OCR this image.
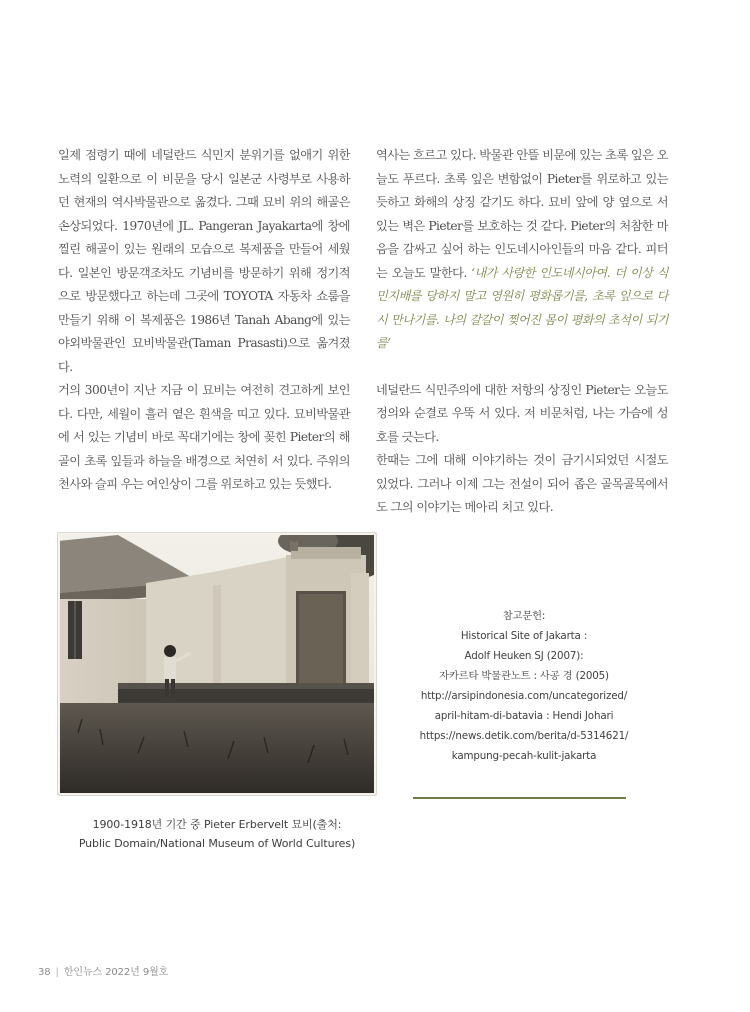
일제 점령기 때에 네덜란드 식민지 분위기를 없애기 위한 노력의 일환으로 이 비문을 당시 일본군 사령부로 사용하던 현재의 역사박물관으로 옮겼다. 그때 묘비 위의 해골은 손상되었다. 1970년에 JL. Pangeran Jayakarta에 창에 찔린 해골이 있는 원래의 모습으로 복제품을 만들어 세웠다. 일본인 방문객조차도 기념비를 방문하기 위해 정기적으로 방문했다고 하는데 그곳에 TOYOTA 자동차 쇼룸을 만들기 위해 이 복제품은 1986년 Tanah Abang에 있는 야외박물관인 묘비박물관(Taman Prasasti)으로 옮겨졌다.

거의 300년이 지난 지금 이 묘비는 여전히 견고하게 보인다. 다만, 세월이 흘러 옅은 흰색을 띠고 있다. 묘비박물관에 서 있는 기념비 바로 꼭대기에는 창에 꽂힌 Pieter의 해골이 초록 잎들과 하늘을 배경으로 처연히 서 있다. 주위의 천사와 슬피 우는 여인상이 그를 위로하고 있는 듯했다.

역사는 흐르고 있다. 박물관 안뜰 비문에 있는 초록 잎은 오늘도 푸르다. 초록 잎은 변함없이 Pieter를 위로하고 있는 듯하고 화해의 상징 같기도 하다. 묘비 앞에 양 옆으로 서 있는 벽은 Pieter를 보호하는 것 같다. Pieter의 처참한 마음을 감싸고 싶어 하는 인도네시아인들의 마음 같다. 피터는 오늘도 말한다. ‘내가 사랑한 인도네시아여. 더 이상 식민지배를 당하지 말고 영원히 평화롭기를, 초록 잎으로 다시 만나기를. 나의 갈갈이 찢어진 몸이 평화의 초석이 되기를’

네덜란드 식민주의에 대한 저항의 상징인 Pieter는 오늘도 정의와 순결로 우뚝 서 있다. 저 비문처럼, 나는 가슴에 성호를 긋는다.

한때는 그에 대해 이야기하는 것이 금기시되었던 시절도 있었다. 그러나 이제 그는 전설이 되어 좁은 골목골목에서도 그의 이야기는 메아리 치고 있다.

1900-1918년 기간 중 Pieter Erbervelt 묘비(출처:
Public Domain/National Museum of World Cultures)
참고문헌:
Historical Site of Jakarta :
Adolf Heuken SJ (2007):
자카르타 박물관노트 : 사공 경 (2005)
http://arsipindonesia.com/uncategorized/
april-hitam-di-batavia : Hendi Johari
https://news.detik.com/berita/d-5314621/
kampung-pecah-kulit-jakarta
38 | 한인뉴스 2022년 9월호
